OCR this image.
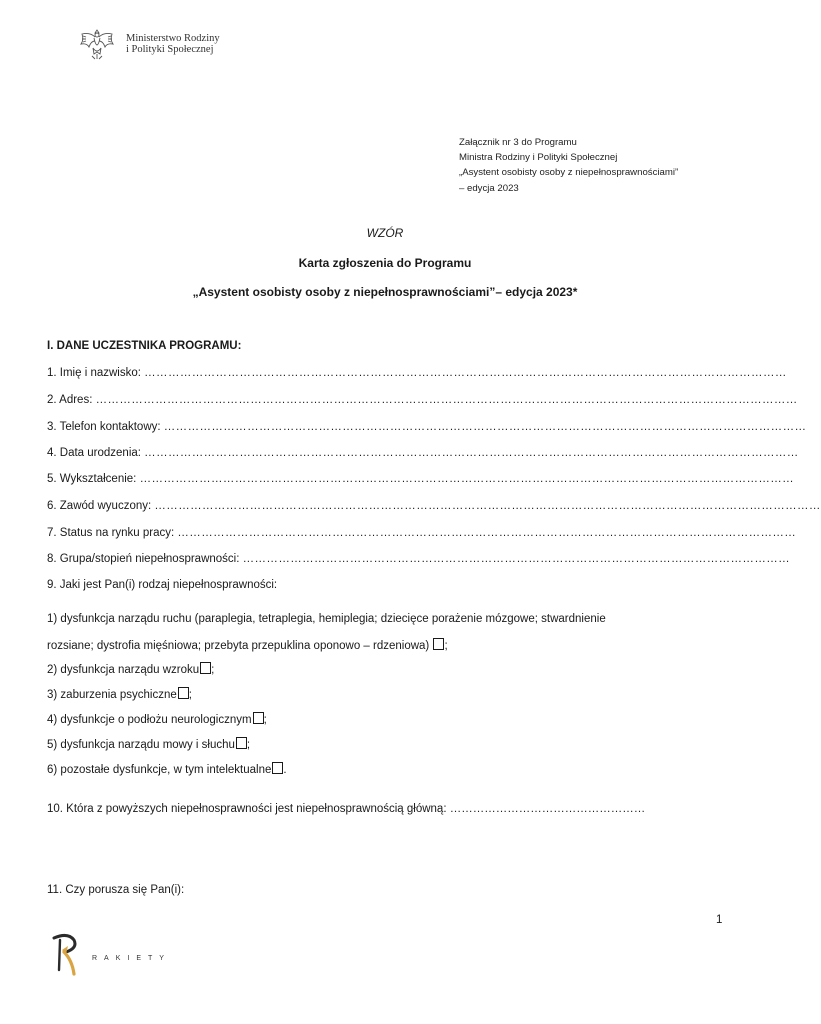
Ministerstwo Rodziny
i Polityki Społecznej
Załącznik nr 3 do Programu
Ministra Rodziny i Polityki Społecznej
„Asystent osobisty osoby z niepełnosprawnościami”
– edycja 2023
WZÓR
Karta zgłoszenia do Programu
„Asystent osobisty osoby z niepełnosprawnościami”– edycja 2023*
I. DANE UCZESTNIKA PROGRAMU:
1. Imię i nazwisko: ………………………………………………………………………………………………………………………………………………
2. Adres: ……………………………………………………………………………………………………………………………………………………………
3. Telefon kontaktowy: ………………………………………………………………………………………………………………………………………………
4. Data urodzenia: …………………………………………………………………………………………………………………………………………………
5. Wykształcenie: …………………………………………………………………………………………………………………………………………………
6. Zawód wyuczony: ……………………………………………………………………………………………………………………………………………………
7. Status na rynku pracy: …………………………………………………………………………………………………………………………………………
8. Grupa/stopień niepełnosprawności: …………………………………………………………………………………………………………………………
9. Jaki jest Pan(i) rodzaj niepełnosprawności:
1) dysfunkcja narządu ruchu (paraplegia, tetraplegia, hemiplegia; dziecięce porażenie mózgowe; stwardnienie
rozsiane; dystrofia mięśniowa; przebyta przepuklina oponowo – rdzeniowa) ;
2) dysfunkcja narządu wzroku ;
3) zaburzenia psychiczne ;
4) dysfunkcje o podłożu neurologicznym ;
5) dysfunkcja narządu mowy i słuchu ;
6) pozostałe dysfunkcje, w tym intelektualne .
10. Która z powyższych niepełnosprawności jest niepełnosprawnością główną: ……………………………………………
11. Czy porusza się Pan(i):
1
RAKIETY
